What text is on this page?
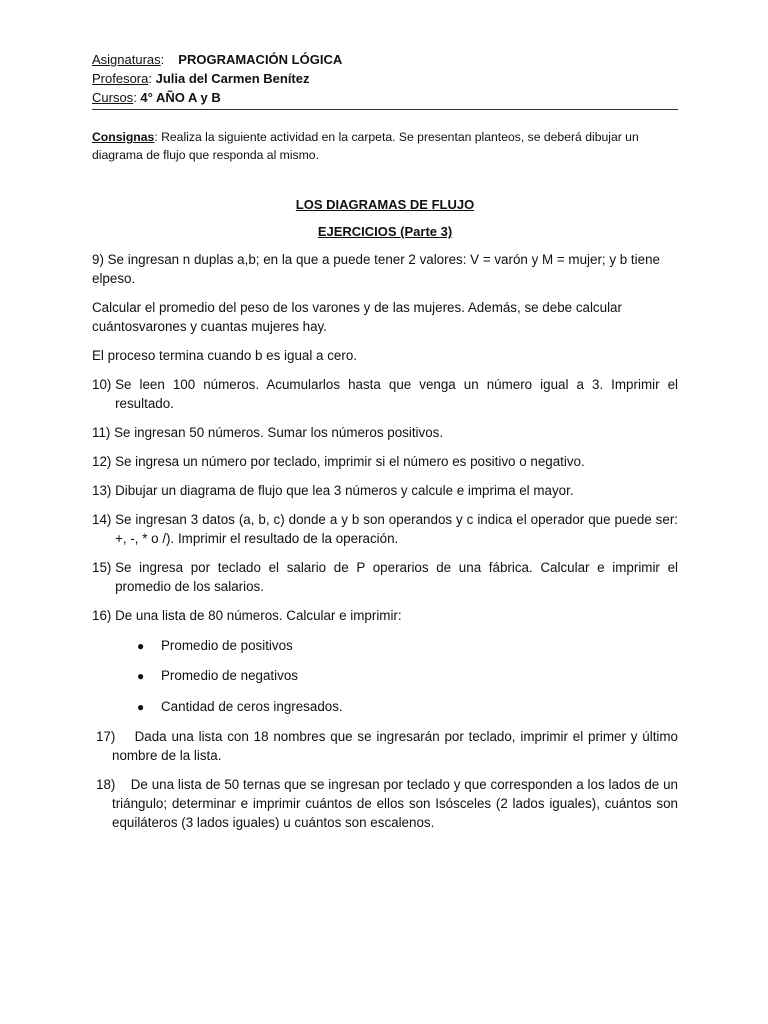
Asignaturas: PROGRAMACIÓN LÓGICA
Profesora: Julia del Carmen Benítez
Cursos: 4° AÑO A y B
Consignas: Realiza la siguiente actividad en la carpeta. Se presentan planteos, se deberá dibujar un diagrama de flujo que responda al mismo.
LOS DIAGRAMAS DE FLUJO
EJERCICIOS (Parte 3)
9) Se ingresan n duplas a,b; en la que a puede tener 2 valores: V = varón y M = mujer; y b tiene elpeso.
Calcular el promedio del peso de los varones y de las mujeres. Además, se debe calcular cuántosvarones y cuantas mujeres hay.
El proceso termina cuando b es igual a cero.
10) Se leen 100 números. Acumularlos hasta que venga un número igual a 3. Imprimir el resultado.
11) Se ingresan 50 números. Sumar los números positivos.
12) Se ingresa un número por teclado, imprimir si el número es positivo o negativo.
13) Dibujar un diagrama de flujo que lea 3 números y calcule e imprima el mayor.
14) Se ingresan 3 datos (a, b, c) donde a y b son operandos y c indica el operador que puede ser: +, -, * o /). Imprimir el resultado de la operación.
15) Se ingresa por teclado el salario de P operarios de una fábrica. Calcular e imprimir el promedio de los salarios.
16) De una lista de 80 números. Calcular e imprimir:
●	Promedio de positivos
●	Promedio de negativos
●	Cantidad de ceros ingresados.
17)    Dada una lista con 18 nombres que se ingresarán por teclado, imprimir el primer y último nombre de la lista.
18)    De una lista de 50 ternas que se ingresan por teclado y que corresponden a los lados de un triángulo; determinar e imprimir cuántos de ellos son Isósceles (2 lados iguales), cuántos son equiláteros (3 lados iguales) u cuántos son escalenos.
